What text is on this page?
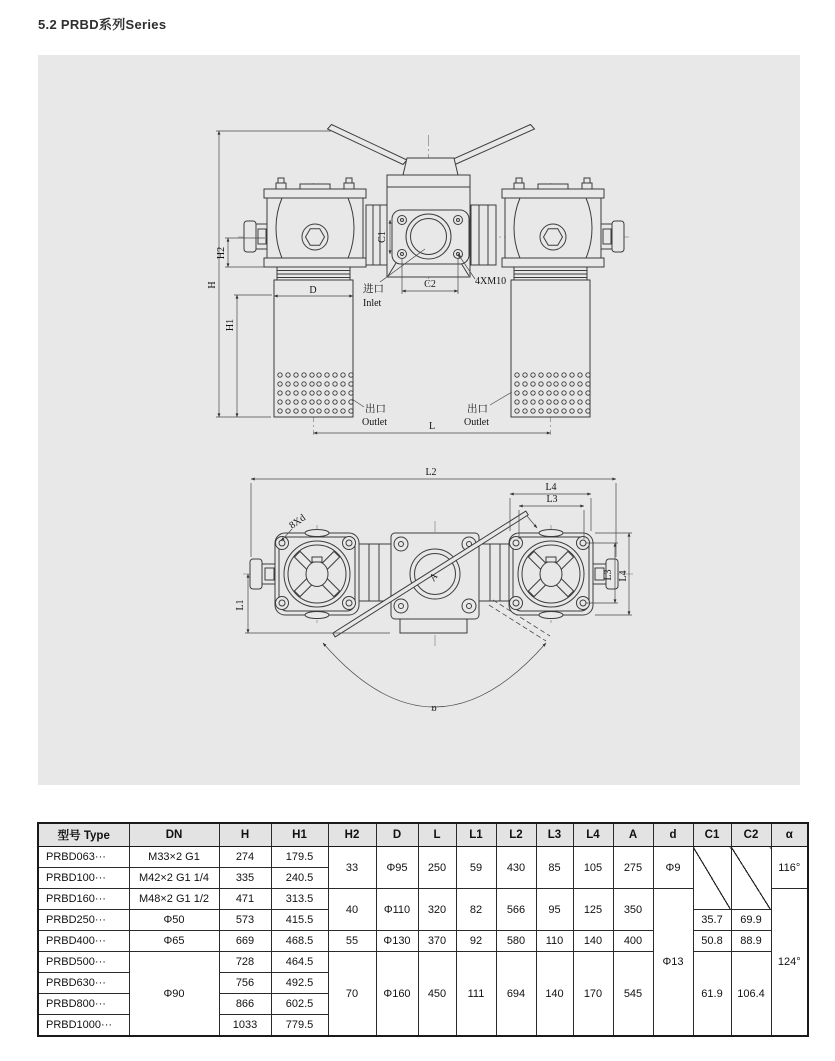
5.2 PRBD系列Series
H
H2
H1
D
C1
C2
L
4XM10
进口
Inlet
出口
Outlet
出口
Outlet
α
L2
L4
L3
8Xd
L1
L3 L4
A
型号 Type	DN	H	H1	H2	D	L	L1	L2	L3	L4	A	d	C1	C2	α
PRBD063···	M33×2 G1	274	179.5	33	Φ95	250	59	430	85	105	275	Φ9			116°
PRBD100···	M42×2 G1 1/4	335	240.5												
PRBD160···	M48×2 G1 1/2	471	313.5	40	Φ110	320	82	566	95	125	350	Φ13			124°
PRBD250···	Φ50	573	415.5										35.7	69.9	
PRBD400···	Φ65	669	468.5	55	Φ130	370	92	580	110	140	400		50.8	88.9	
PRBD500···	Φ90	728	464.5	70	Φ160	450	111	694	140	170	545		61.9	106.4	
PRBD630···		756	492.5												
PRBD800···		866	602.5												
PRBD1000···		1033	779.5												
